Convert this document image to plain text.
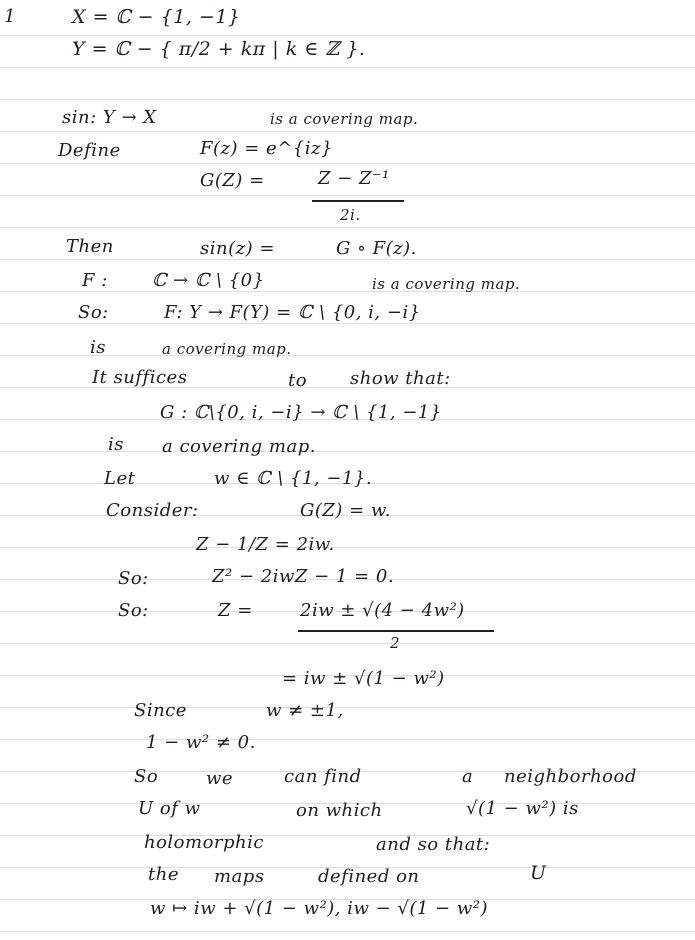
1	X = ℂ − {1, −1}
Y = ℂ − { π/2 + kπ | k ∈ ℤ }.
sin: Y → X	is a covering map.
Define	F(z) = e^{iz}
G(Z) =	Z − Z⁻¹
2i.
Then	sin(z) =	G ∘ F(z).
F : ℂ → ℂ \ {0}	is a covering map.
So:	F: Y → F(Y) = ℂ \ {0, i, −i}
is	a covering map.
It suffices	to show that:
G : ℂ\{0, i, −i} → ℂ \ {1, −1}
is a covering map.
Let	w ∈ ℂ \ {1, −1}.
Consider:	G(Z) = w.
Z − 1/Z = 2iw.
So:	Z² − 2iwZ − 1 = 0.
So:	Z =	2iw ± √(4 − 4w²)
2
= iw ± √(1 − w²)
Since	w ≠ ±1,
1 − w² ≠ 0.
So	we	can find	a neighborhood
U of w	on which	√(1 − w²) is
holomorphic	and so that:
the maps	defined on	U
w ↦ iw + √(1 − w²), iw − √(1 − w²)
